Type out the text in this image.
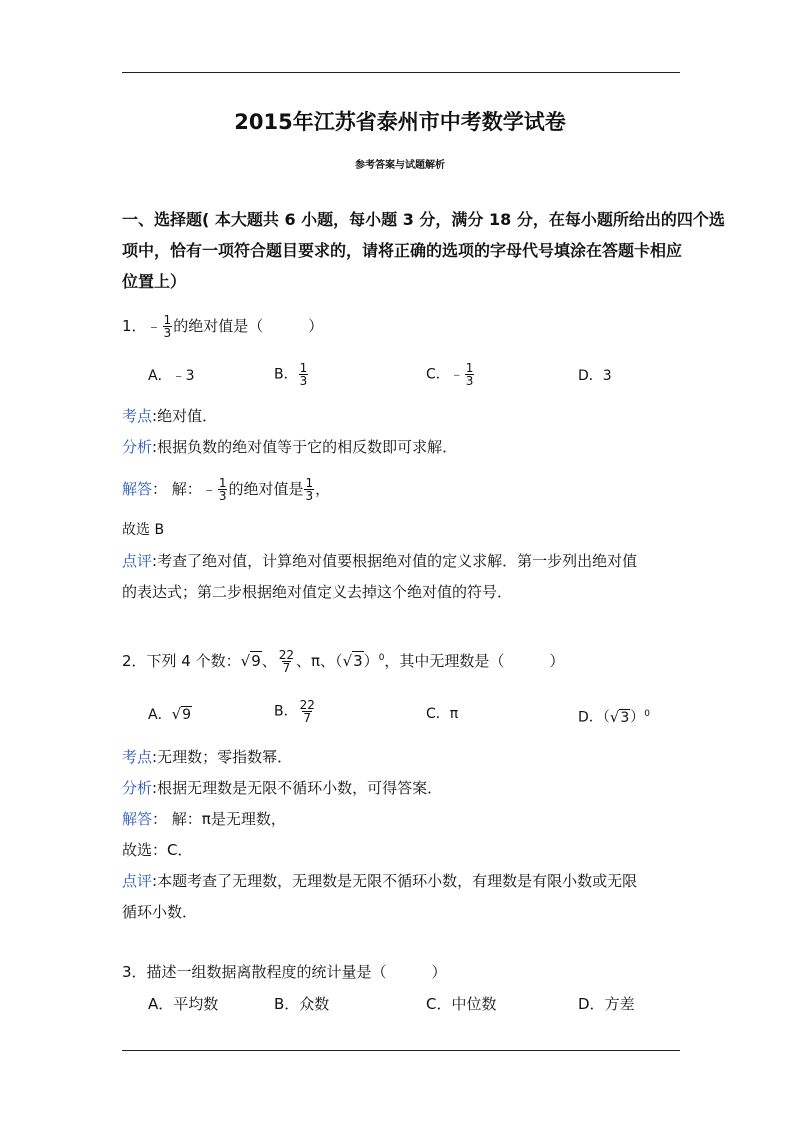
2015年江苏省泰州市中考数学试卷
参考答案与试题解析
一、选择题( 本大题共 6 小题，每小题 3 分，满分 18 分，在每小题所给出的四个选
项中，恰有一项符合题目要求的，请将正确的选项的字母代号填涂在答题卡相应
位置上）
1．﹣ $\frac{1}{3}$ 的绝对值是（　　　）
A．﹣3	B． $\frac{1}{3}$	C．﹣ $\frac{1}{3}$	D．3
考点:绝对值．
分析:根据负数的绝对值等于它的相反数即可求解．
解答： 解：﹣ $\frac{1}{3}$ 的绝对值是 $\frac{1}{3}$ ，
故选 B
点评:考查了绝对值，计算绝对值要根据绝对值的定义求解．第一步列出绝对值
的表达式；第二步根据绝对值定义去掉这个绝对值的符号．
2．下列 4 个数：√9、 $\frac{22}{7}$ 、π、$(√3)^0$，其中无理数是（　　　）
A．√9	B． $\frac{22}{7}$	C．π	D．$(√3)^0$
考点:无理数；零指数幂．
分析:根据无理数是无限不循环小数，可得答案．
解答： 解：π是无理数，
故选：C．
点评:本题考查了无理数，无理数是无限不循环小数，有理数是有限小数或无限
循环小数．
3．描述一组数据离散程度的统计量是（　　　）
A．平均数	B．众数	C．中位数	D．方差
